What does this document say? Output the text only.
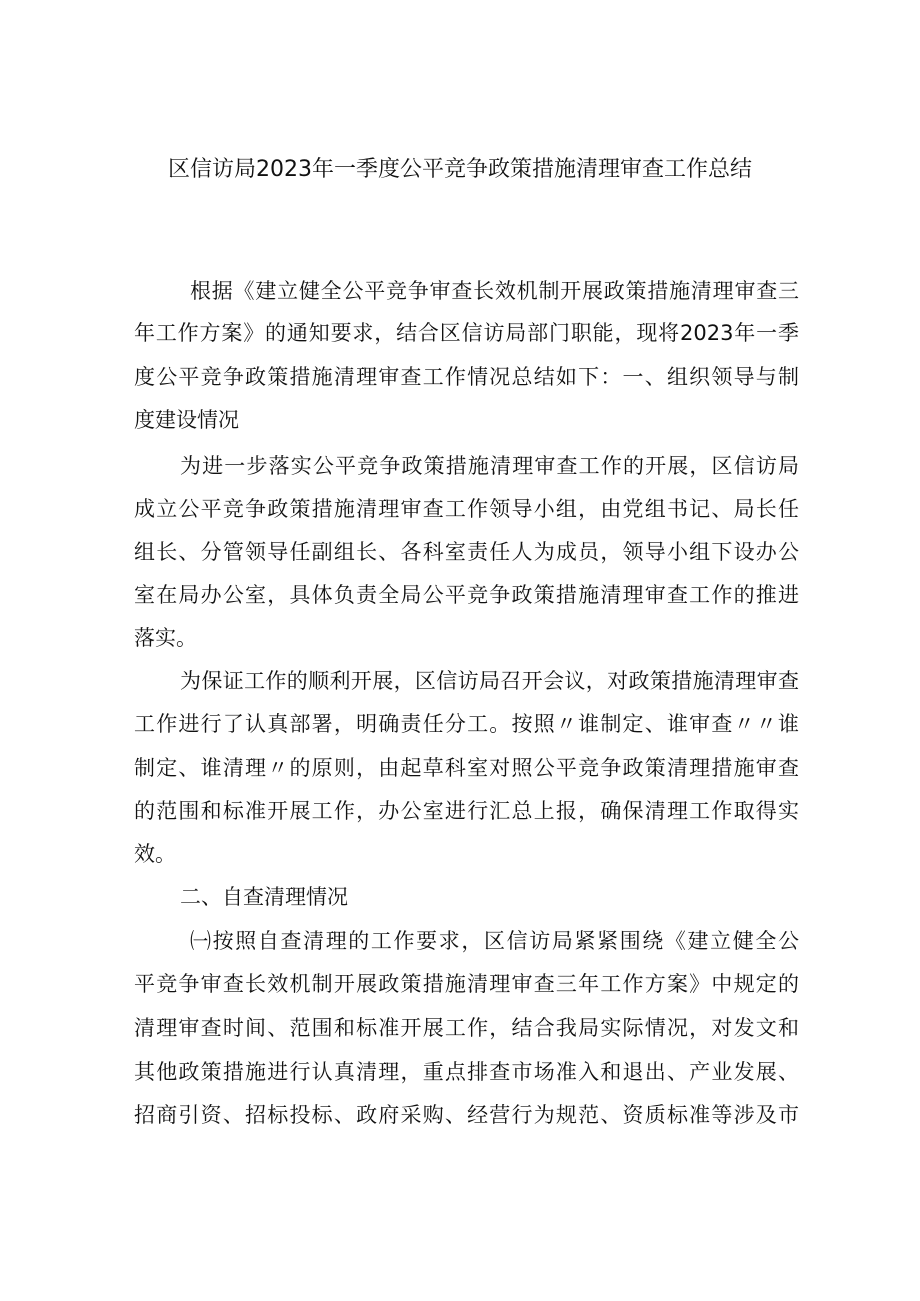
区信访局2023年一季度公平竞争政策措施清理审查工作总结
根据《建立健全公平竞争审查长效机制开展政策措施清理审查三
年工作方案》的通知要求，结合区信访局部门职能，现将2023年一季
度公平竞争政策措施清理审查工作情况总结如下：一、组织领导与制
度建设情况
为进一步落实公平竞争政策措施清理审查工作的开展，区信访局
成立公平竞争政策措施清理审查工作领导小组，由党组书记、局长任
组长、分管领导任副组长、各科室责任人为成员，领导小组下设办公
室在局办公室，具体负责全局公平竞争政策措施清理审查工作的推进
落实。
为保证工作的顺利开展，区信访局召开会议，对政策措施清理审查
工作进行了认真部署，明确责任分工。按照〃谁制定、谁审查〃〃谁
制定、谁清理〃的原则，由起草科室对照公平竞争政策清理措施审查
的范围和标准开展工作，办公室进行汇总上报，确保清理工作取得实
效。
二、自查清理情况
㈠按照自查清理的工作要求，区信访局紧紧围绕《建立健全公
平竞争审查长效机制开展政策措施清理审查三年工作方案》中规定的
清理审查时间、范围和标准开展工作，结合我局实际情况，对发文和
其他政策措施进行认真清理，重点排查市场准入和退出、产业发展、
招商引资、招标投标、政府采购、经营行为规范、资质标准等涉及市
